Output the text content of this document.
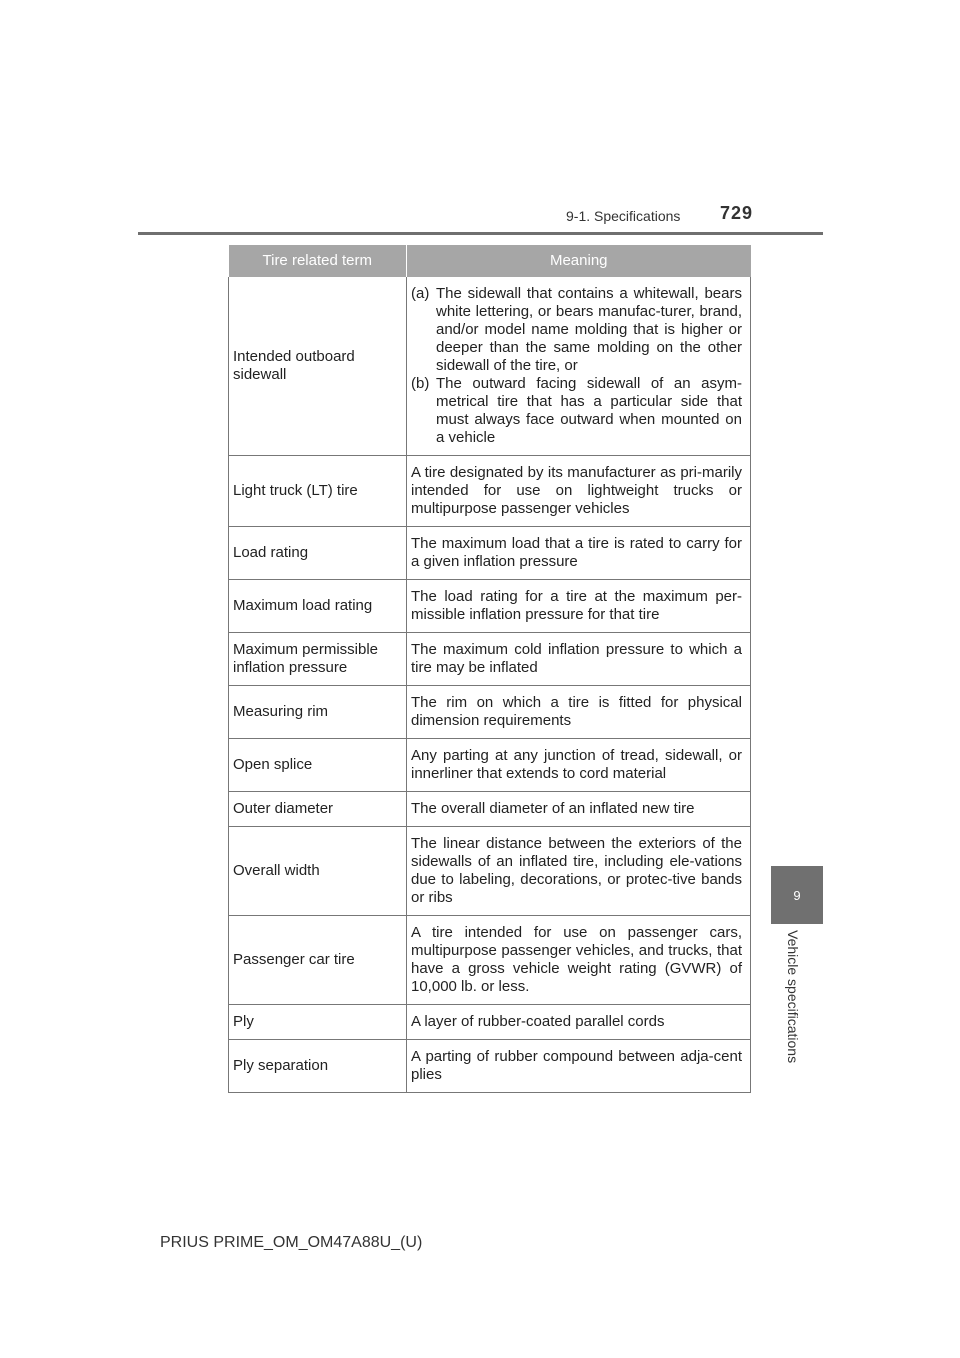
9-1. Specifications 729
9
Vehicle specifications
Tire related term	Meaning
Intended outboard sidewall	(a) The sidewall that contains a whitewall, bears white lettering, or bears manufac-turer, brand, and/or model name molding that is higher or deeper than the same molding on the other sidewall of the tire, or
(b) The outward facing sidewall of an asym-metrical tire that has a particular side that must always face outward when mounted on a vehicle

Light truck (LT) tire	A tire designated by its manufacturer as pri-marily intended for use on lightweight trucks or multipurpose passenger vehicles
Load rating	The maximum load that a tire is rated to carry for a given inflation pressure
Maximum load rating	The load rating for a tire at the maximum per-missible inflation pressure for that tire
Maximum permissible inflation pressure	The maximum cold inflation pressure to which a tire may be inflated
Measuring rim	The rim on which a tire is fitted for physical dimension requirements
Open splice	Any parting at any junction of tread, sidewall, or innerliner that extends to cord material
Outer diameter	The overall diameter of an inflated new tire
Overall width	The linear distance between the exteriors of the sidewalls of an inflated tire, including ele-vations due to labeling, decorations, or protec-tive bands or ribs
Passenger car tire	A tire intended for use on passenger cars, multipurpose passenger vehicles, and trucks, that have a gross vehicle weight rating (GVWR) of 10,000 lb. or less.
Ply	A layer of rubber-coated parallel cords
Ply separation	A parting of rubber compound between adja-cent plies
PRIUS PRIME_OM_OM47A88U_(U)
